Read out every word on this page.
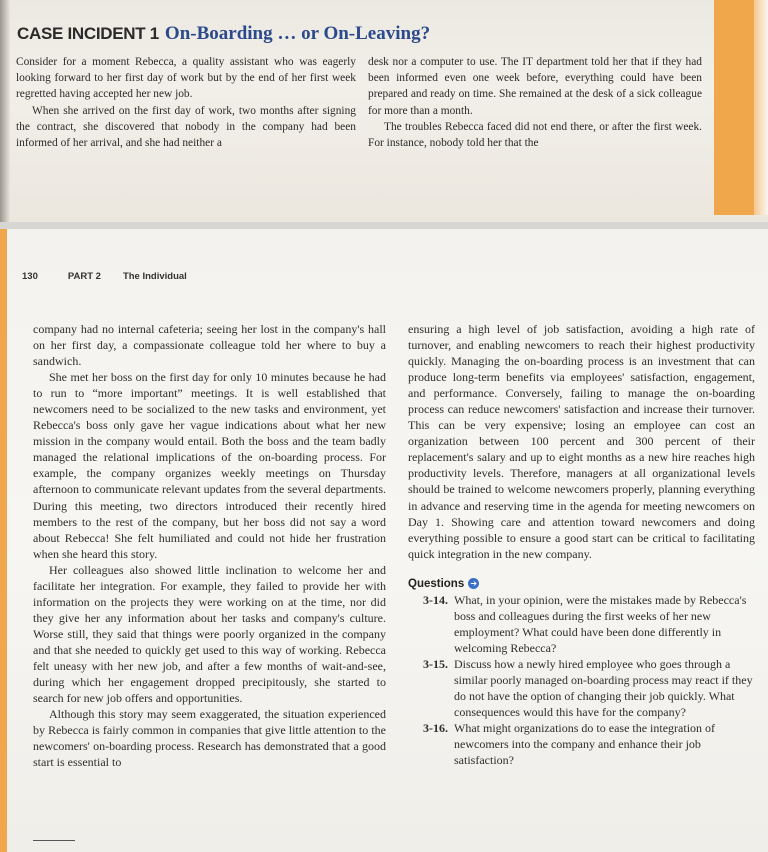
CASE INCIDENT 1 On-Boarding … or On-Leaving?

Consider for a moment Rebecca, a quality assistant who was eagerly looking forward to her first day of work but by the end of her first week regretted having accepted her new job.

When she arrived on the first day of work, two months after signing the contract, she discovered that nobody in the company had been informed of her arrival, and she had neither a

desk nor a computer to use. The IT department told her that if they had been informed even one week before, everything could have been prepared and ready on time. She remained at the desk of a sick colleague for more than a month.

The troubles Rebecca faced did not end there, or after the first week. For instance, nobody told her that the

130	PART 2 The Individual

company had no internal cafeteria; seeing her lost in the company's hall on her first day, a compassionate colleague told her where to buy a sandwich.

She met her boss on the first day for only 10 minutes because he had to run to “more important” meetings. It is well established that newcomers need to be socialized to the new tasks and environment, yet Rebecca's boss only gave her vague indications about what her new mission in the company would entail. Both the boss and the team badly managed the relational implications of the on-boarding process. For example, the company organizes weekly meetings on Thursday afternoon to communicate relevant updates from the several departments. During this meeting, two directors introduced their recently hired members to the rest of the company, but her boss did not say a word about Rebecca! She felt humiliated and could not hide her frustration when she heard this story.

Her colleagues also showed little inclination to welcome her and facilitate her integration. For example, they failed to provide her with information on the projects they were working on at the time, nor did they give her any information about her tasks and company's culture. Worse still, they said that things were poorly organized in the company and that she needed to quickly get used to this way of working. Rebecca felt uneasy with her new job, and after a few months of wait-and-see, during which her engagement dropped precipitously, she started to search for new job offers and opportunities.

Although this story may seem exaggerated, the situation experienced by Rebecca is fairly common in companies that give little attention to the newcomers' on-boarding process. Research has demonstrated that a good start is essential to

ensuring a high level of job satisfaction, avoiding a high rate of turnover, and enabling newcomers to reach their highest productivity quickly. Managing the on-boarding process is an investment that can produce long-term benefits via employees' satisfaction, engagement, and performance. Conversely, failing to manage the on-boarding process can reduce newcomers' satisfaction and increase their turnover. This can be very expensive; losing an employee can cost an organization between 100 percent and 300 percent of their replacement's salary and up to eight months as a new hire reaches high productivity levels. Therefore, managers at all organizational levels should be trained to welcome newcomers properly, planning everything in advance and reserving time in the agenda for meeting newcomers on Day 1. Showing care and attention toward newcomers and doing everything possible to ensure a good start can be critical to facilitating quick integration in the new company.

Questions ➔
3-14. What, in your opinion, were the mistakes made by Rebecca's boss and colleagues during the first weeks of her new employment? What could have been done differently in welcoming Rebecca?
3-15. Discuss how a newly hired employee who goes through a similar poorly managed on-boarding process may react if they do not have the option of changing their job quickly. What consequences would this have for the company?
3-16. What might organizations do to ease the integration of newcomers into the company and enhance their job satisfaction?
